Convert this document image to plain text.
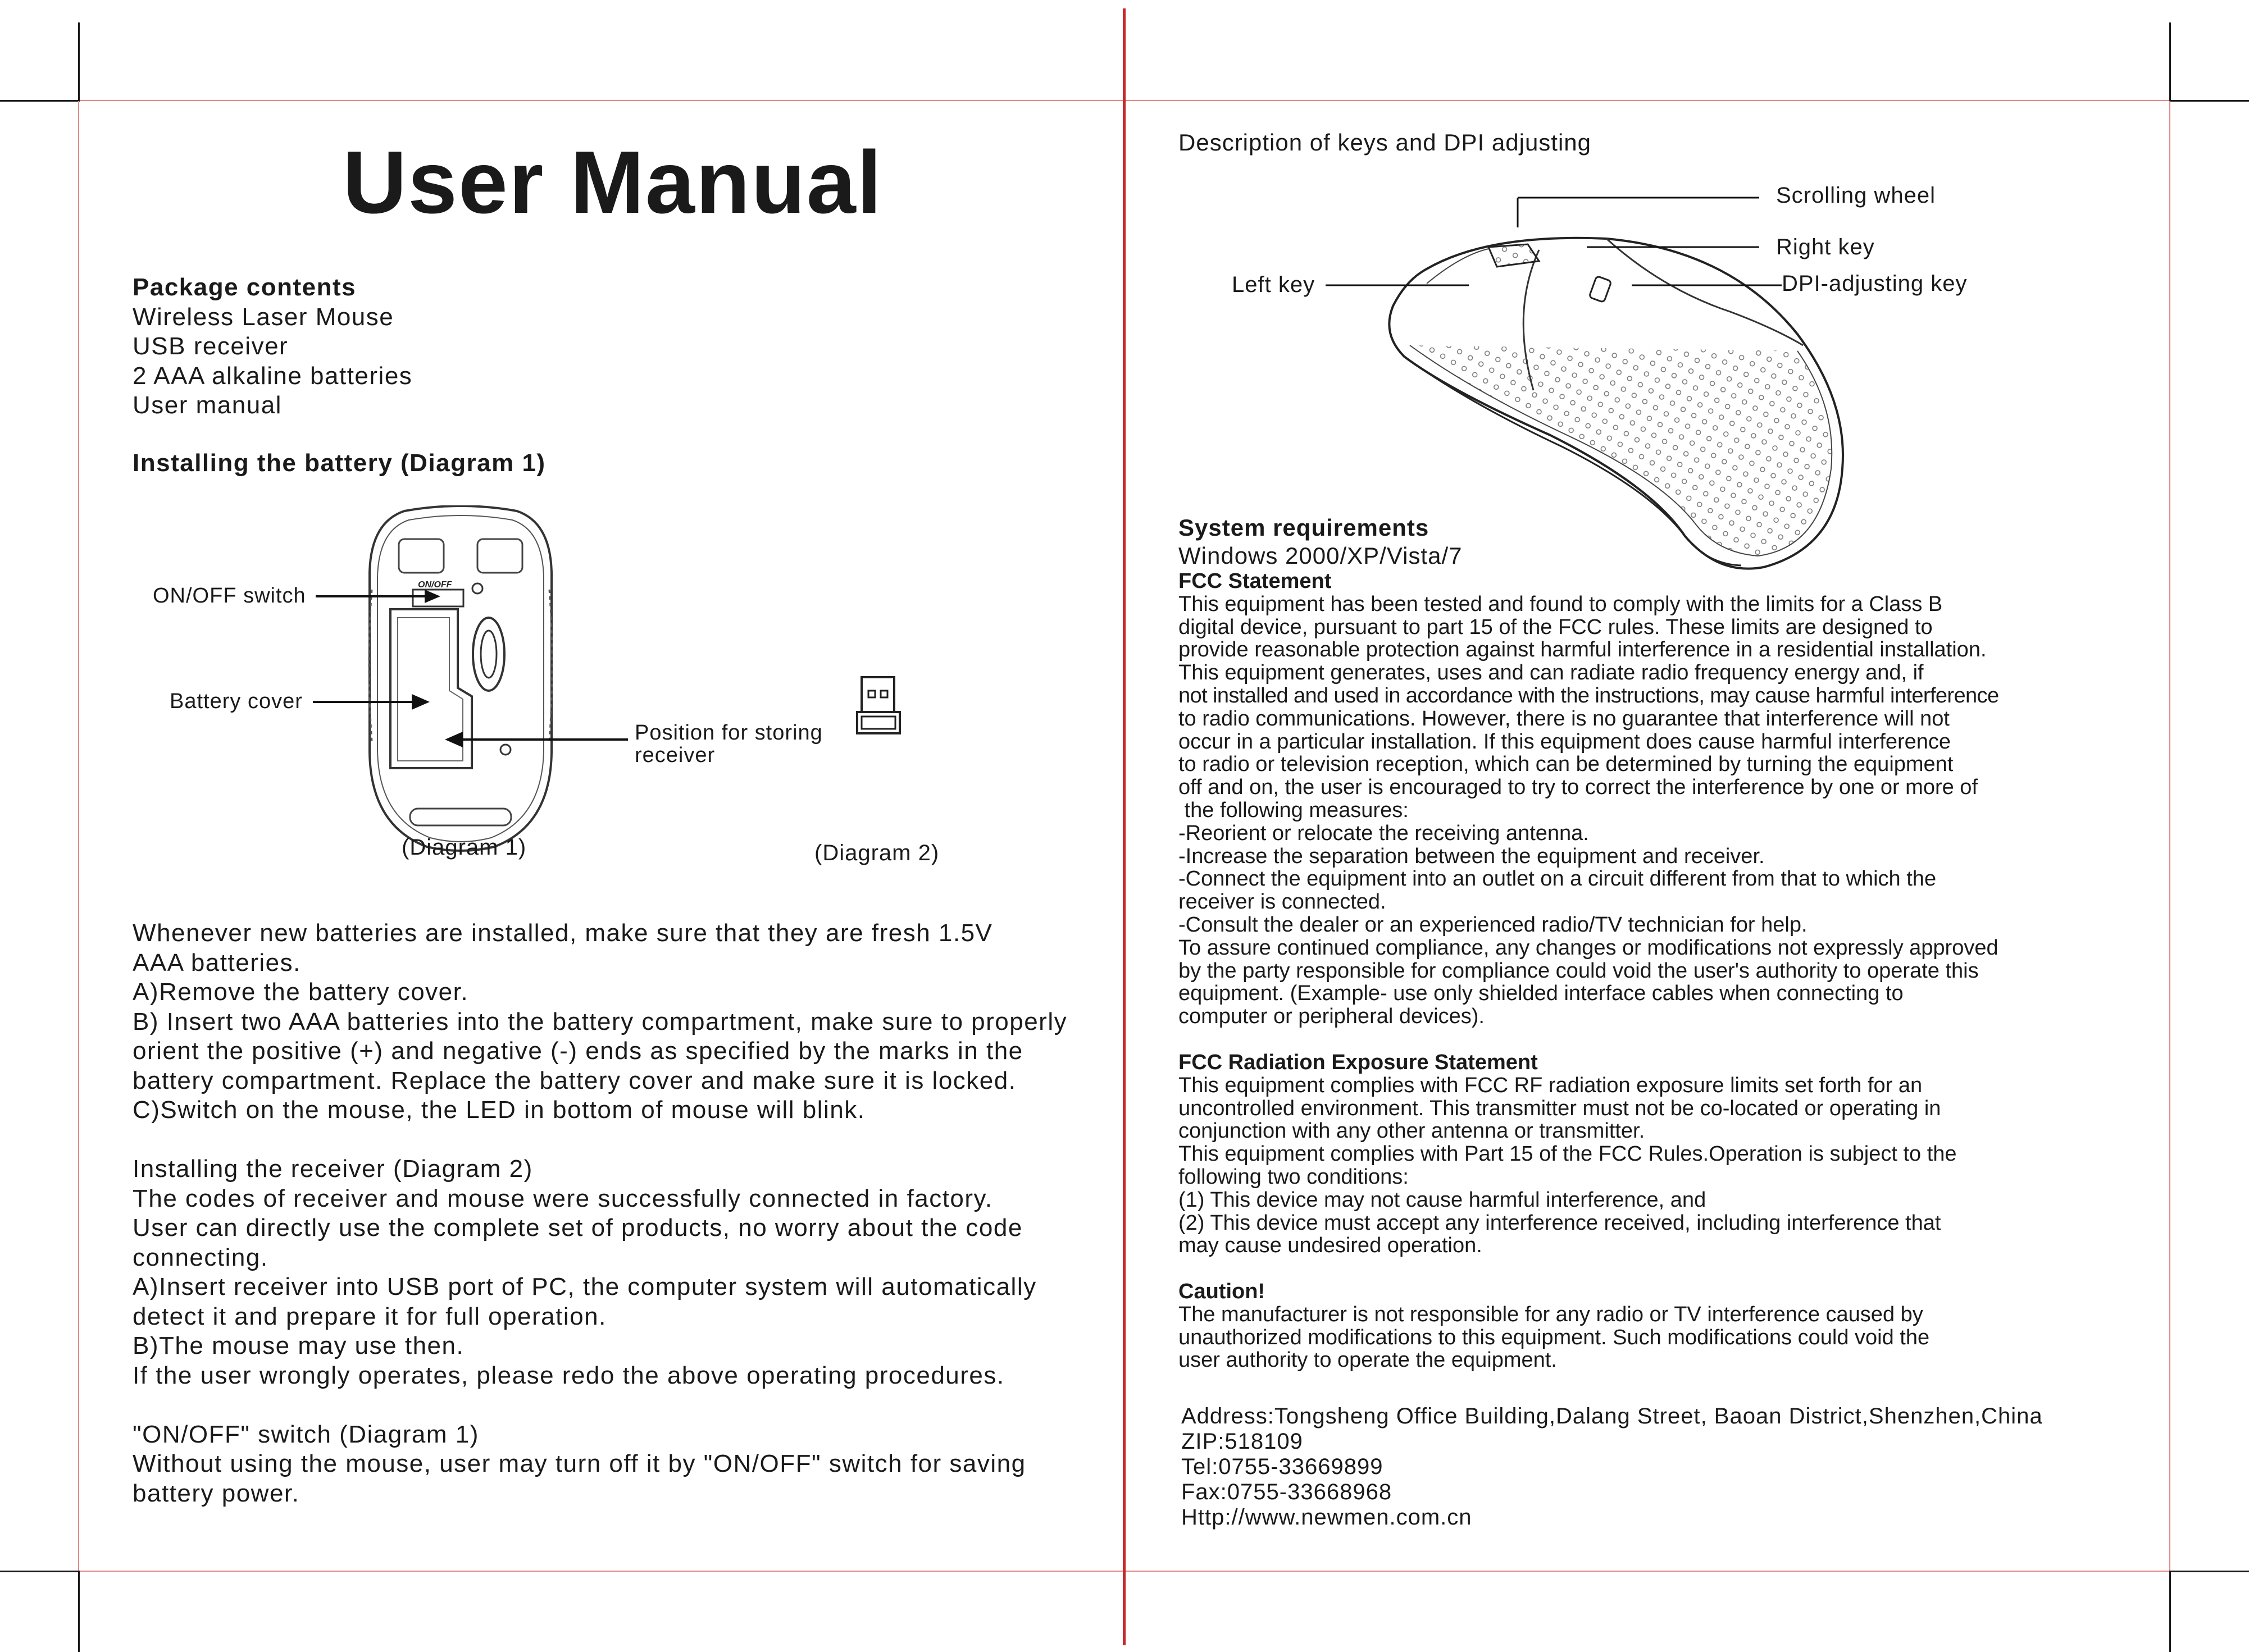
User Manual

Package contents

Wireless Laser Mouse

USB receiver

2 AAA alkaline batteries

User manual

Installing the battery (Diagram 1)
ON/OFF
ON/OFF switch
Battery cover
Position for storing
receiver
(Diagram 1)	(Diagram 2)

Whenever new batteries are installed, make sure that they are fresh 1.5V

AAA batteries.

A)Remove the battery cover.

B) Insert two AAA batteries into the battery compartment, make sure to properly

orient the positive (+) and negative (-) ends as specified by the marks in the

battery compartment. Replace the battery cover and make sure it is locked.

C)Switch on the mouse, the LED in bottom of mouse will blink.

Installing the receiver (Diagram 2)

The codes of receiver and mouse were successfully connected in factory.

User can directly use the complete set of products, no worry about the code

connecting.

A)Insert receiver into USB port of PC, the computer system will automatically

detect it and prepare it for full operation.

B)The mouse may use then.

If the user wrongly operates, please redo the above operating procedures.

"ON/OFF" switch (Diagram 1)

Without using the mouse, user may turn off it by "ON/OFF" switch for saving

battery power.

Description of keys and DPI adjusting
Scrolling wheel
Right key
Left key	DPI-adjusting key
System requirements
Windows 2000/XP/Vista/7

FCC Statement

This equipment has been tested and found to comply with the limits for a Class B

digital device, pursuant to part 15 of the FCC rules. These limits are designed to

provide reasonable protection against harmful interference in a residential installation.

This equipment generates, uses and can radiate radio frequency energy and, if

not installed and used in accordance with the instructions, may cause harmful interference

to radio communications. However, there is no guarantee that interference will not

occur in a particular installation. If this equipment does cause harmful interference

to radio or television reception, which can be determined by turning the equipment

off and on, the user is encouraged to try to correct the interference by one or more of

the following measures:

-Reorient or relocate the receiving antenna.

-Increase the separation between the equipment and receiver.

-Connect the equipment into an outlet on a circuit different from that to which the

receiver is connected.

-Consult the dealer or an experienced radio/TV technician for help.

To assure continued compliance, any changes or modifications not expressly approved

by the party responsible for compliance could void the user's authority to operate this

equipment. (Example- use only shielded interface cables when connecting to

computer or peripheral devices).

FCC Radiation Exposure Statement

This equipment complies with FCC RF radiation exposure limits set forth for an

uncontrolled environment. This transmitter must not be co-located or operating in

conjunction with any other antenna or transmitter.

This equipment complies with Part 15 of the FCC Rules.Operation is subject to the

following two conditions:

(1) This device may not cause harmful interference, and

(2) This device must accept any interference received, including interference that

may cause undesired operation.

Caution!

The manufacturer is not responsible for any radio or TV interference caused by

unauthorized modifications to this equipment. Such modifications could void the

user authority to operate the equipment.

Address:Tongsheng Office Building,Dalang Street, Baoan District,Shenzhen,China

ZIP:518109

Tel:0755-33669899

Fax:0755-33668968

Http://www.newmen.com.cn
